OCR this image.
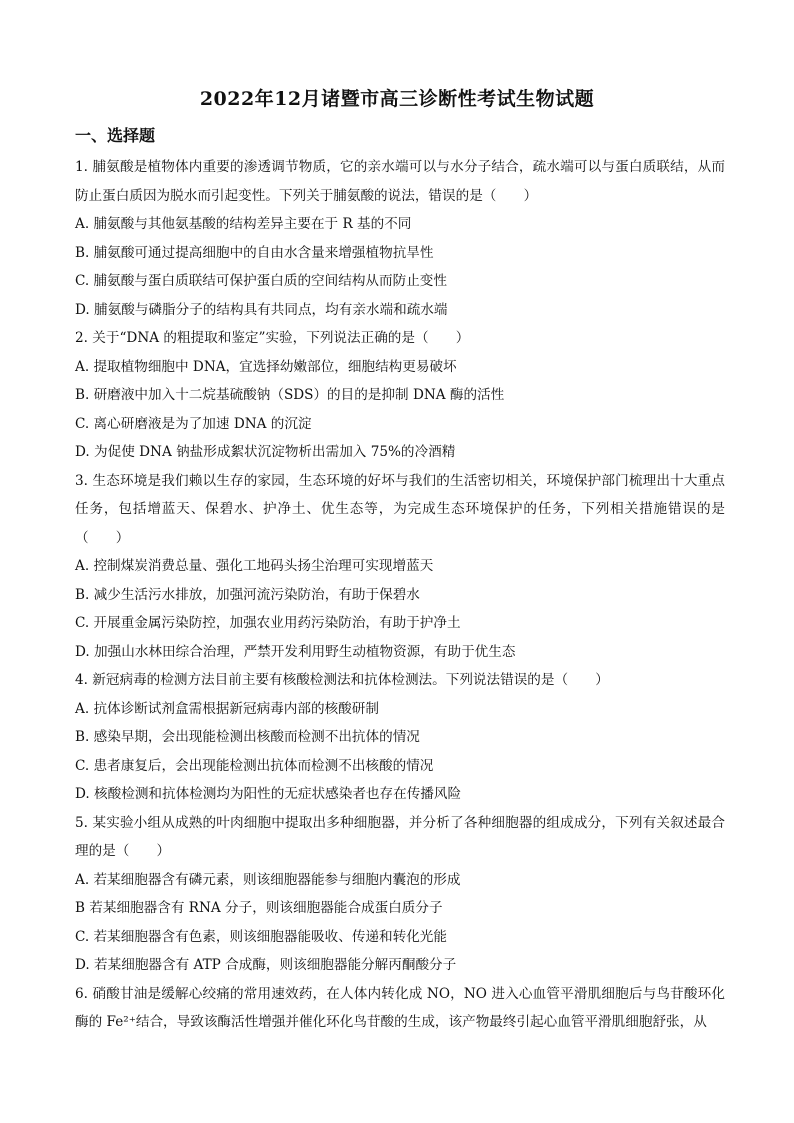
2022年12月诸暨市高三诊断性考试生物试题
一、选择题
1. 脯氨酸是植物体内重要的渗透调节物质，它的亲水端可以与水分子结合，疏水端可以与蛋白质联结，从而防止蛋白质因为脱水而引起变性。下列关于脯氨酸的说法，错误的是（　　）
A. 脯氨酸与其他氨基酸的结构差异主要在于 R 基的不同
B. 脯氨酸可通过提高细胞中的自由水含量来增强植物抗旱性
C. 脯氨酸与蛋白质联结可保护蛋白质的空间结构从而防止变性
D. 脯氨酸与磷脂分子的结构具有共同点，均有亲水端和疏水端
2. 关于“DNA 的粗提取和鉴定”实验，下列说法正确的是（　　）
A. 提取植物细胞中 DNA，宜选择幼嫩部位，细胞结构更易破坏
B. 研磨液中加入十二烷基硫酸钠（SDS）的目的是抑制 DNA 酶的活性
C. 离心研磨液是为了加速 DNA 的沉淀
D. 为促使 DNA 钠盐形成絮状沉淀物析出需加入 75%的冷酒精
3. 生态环境是我们赖以生存的家园，生态环境的好坏与我们的生活密切相关，环境保护部门梳理出十大重点任务，包括增蓝天、保碧水、护净土、优生态等，为完成生态环境保护的任务，下列相关措施错误的是（　　）
A. 控制煤炭消费总量、强化工地码头扬尘治理可实现增蓝天
B. 减少生活污水排放，加强河流污染防治，有助于保碧水
C. 开展重金属污染防控，加强农业用药污染防治，有助于护净土
D. 加强山水林田综合治理，严禁开发利用野生动植物资源，有助于优生态
4. 新冠病毒的检测方法目前主要有核酸检测法和抗体检测法。下列说法错误的是（　　）
A. 抗体诊断试剂盒需根据新冠病毒内部的核酸研制
B. 感染早期，会出现能检测出核酸而检测不出抗体的情况
C. 患者康复后，会出现能检测出抗体而检测不出核酸的情况
D. 核酸检测和抗体检测均为阳性的无症状感染者也存在传播风险
5. 某实验小组从成熟的叶肉细胞中提取出多种细胞器，并分析了各种细胞器的组成成分，下列有关叙述最合理的是（　　）
A. 若某细胞器含有磷元素，则该细胞器能参与细胞内囊泡的形成
B 若某细胞器含有 RNA 分子，则该细胞器能合成蛋白质分子
C. 若某细胞器含有色素，则该细胞器能吸收、传递和转化光能
D. 若某细胞器含有 ATP 合成酶，则该细胞器能分解丙酮酸分子
6. 硝酸甘油是缓解心绞痛的常用速效药，在人体内转化成 NO，NO 进入心血管平滑肌细胞后与鸟苷酸环化酶的 Fe²⁺结合，导致该酶活性增强并催化环化鸟苷酸的生成，该产物最终引起心血管平滑肌细胞舒张，从
